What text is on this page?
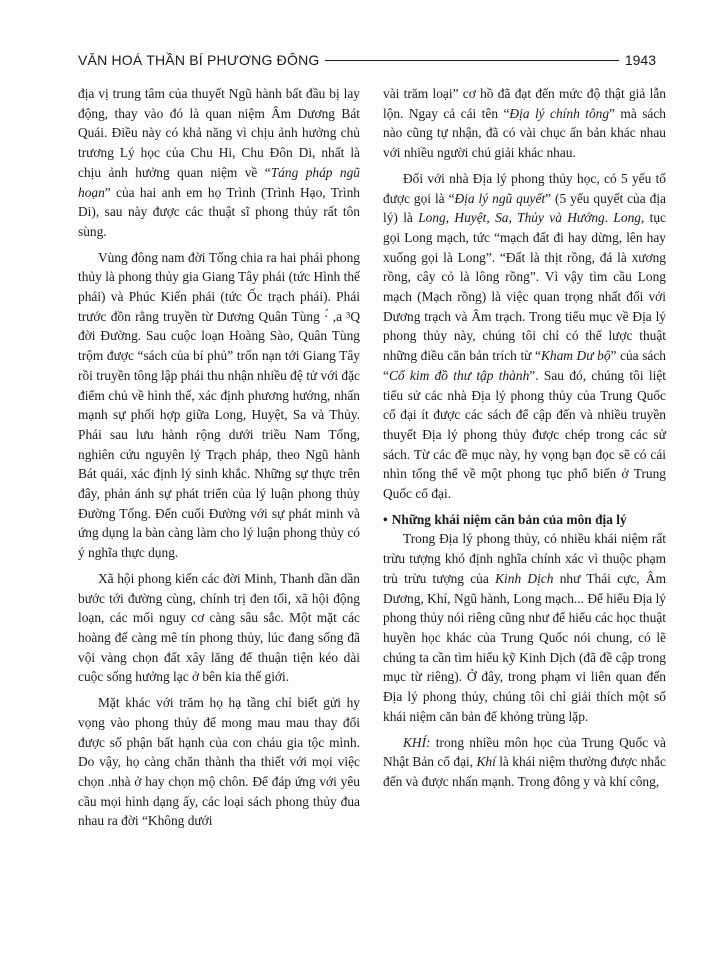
VĂN HOÁ THẦN BÍ PHƯƠNG ĐÔNG	1943

địa vị trung tâm của thuyết Ngũ hành bất đầu bị lay động, thay vào đó là quan niệm Âm Dương Bát Quái. Điều này có khả năng vì chịu ảnh hưởng chủ trương Lý học của Chu Hi, Chu Đôn Di, nhất là chịu ảnh hưởng quan niệm về “Táng pháp ngũ hoạn” của hai anh em họ Trình (Trình Hạo, Trình Di), sau này được các thuật sĩ phong thủy rất tôn sùng.

Vùng đông nam đời Tống chia ra hai phái phong thủy là phong thủy gia Giang Tây phái (tức Hình thế phái) và Phúc Kiến phái (tức Ốc trạch phái). Phái trước đồn rằng truyền từ Dương Quân Tùng ·́ ,a ³Q đời Đường. Sau cuộc loạn Hoàng Sào, Quân Tùng trộm được “sách của bí phủ” trốn nạn tới Giang Tây rồi truyền tông lập phái thu nhận nhiều đệ tử với đặc điểm chủ về hình thế, xác định phương hướng, nhấn mạnh sự phối hợp giữa Long, Huyệt, Sa và Thủy. Phái sau lưu hành rộng dưới triều Nam Tống, nghiên cứu nguyên lý Trạch pháp, theo Ngũ hành Bát quái, xác định lý sinh khắc. Những sự thực trên đây, phản ánh sự phát triển của lý luận phong thủy Đường Tống. Đến cuối Đường với sự phát minh và ứng dụng la bàn càng làm cho lý luận phong thủy có ý nghĩa thực dụng.

Xã hội phong kiến các đời Minh, Thanh dần dần bước tới đường cùng, chính trị đen tối, xã hội động loạn, các mối nguy cơ càng sâu sắc. Một mặt các hoàng đế càng mê tín phong thủy, lúc đang sống đã vội vàng chọn đất xây lăng để thuận tiện kéo dài cuộc sống hưởng lạc ở bên kia thế giới.

Mặt khác với trăm họ hạ tầng chỉ biết gửi hy vọng vào phong thủy để mong mau mau thay đổi được số phận bất hạnh của con cháu gia tộc mình. Do vậy, họ càng chăn thành tha thiết với mọi việc chọn .nhà ở hay chọn mộ chôn. Để đáp ứng với yêu cầu mọi hình dạng ấy, các loại sách phong thủy đua nhau ra đời “Không dưới

vài trăm loại” cơ hồ đã đạt đến mức độ thật giả lẫn lộn. Ngay cả cái tên “Địa lý chính tông” mà sách nào cũng tự nhận, đã có vài chục ấn bản khác nhau với nhiều người chú giải khác nhau.

Đối với nhà Địa lý phong thủy học, có 5 yếu tố được gọi là “Địa lý ngũ quyết” (5 yếu quyết của địa lý) là Long, Huyệt, Sa, Thủy và Hướng. Long, tục gọi Long mạch, tức “mạch đất đi hay dừng, lên hay xuống gọi là Long”. “Đất là thịt rồng, đá là xương rồng, cây cỏ là lông rồng”. Vì vậy tìm cầu Long mạch (Mạch rồng) là việc quan trọng nhất đối với Dương trạch và Âm trạch. Trong tiểu mục về Địa lý phong thủy này, chúng tôi chỉ có thể lược thuật những điều căn bản trích từ “Kham Dư bộ” của sách “Cổ kim đồ thư tập thành”. Sau đó, chúng tôi liệt tiểu sử các nhà Địa lý phong thủy của Trung Quốc cổ đại ít được các sách để cập đến và nhiều truyền thuyết Địa lý phong thủy được chép trong các sử sách. Từ các đề mục này, hy vọng bạn đọc sẽ có cái nhìn tổng thể về một phong tục phổ biến ở Trung Quốc cổ đại.

• Những khái niệm căn bản của môn địa lý

Trong Địa lý phong thủy, có nhiều khái niệm rất trừu tượng khó định nghĩa chính xác vì thuộc phạm trù trừu tượng của Kinh Dịch như Thái cực, Âm Dương, Khí, Ngũ hành, Long mạch... Để hiểu Địa lý phong thủy nói riêng cũng như để hiểu các học thuật huyền học khác của Trung Quốc nói chung, có lẽ chúng ta cần tìm hiểu kỹ Kinh Dịch (đã đề cập trong mục từ riêng). Ở đây, trong phạm vi liên quan đến Địa lý phong thủy, chúng tôi chỉ giải thích một số khái niệm căn bản để khỏng trùng lặp.

KHÍ: trong nhiều môn học của Trung Quốc và Nhật Bản cổ đại, Khí là khái niệm thường được nhắc đến và được nhấn mạnh. Trong đông y và khí công,
